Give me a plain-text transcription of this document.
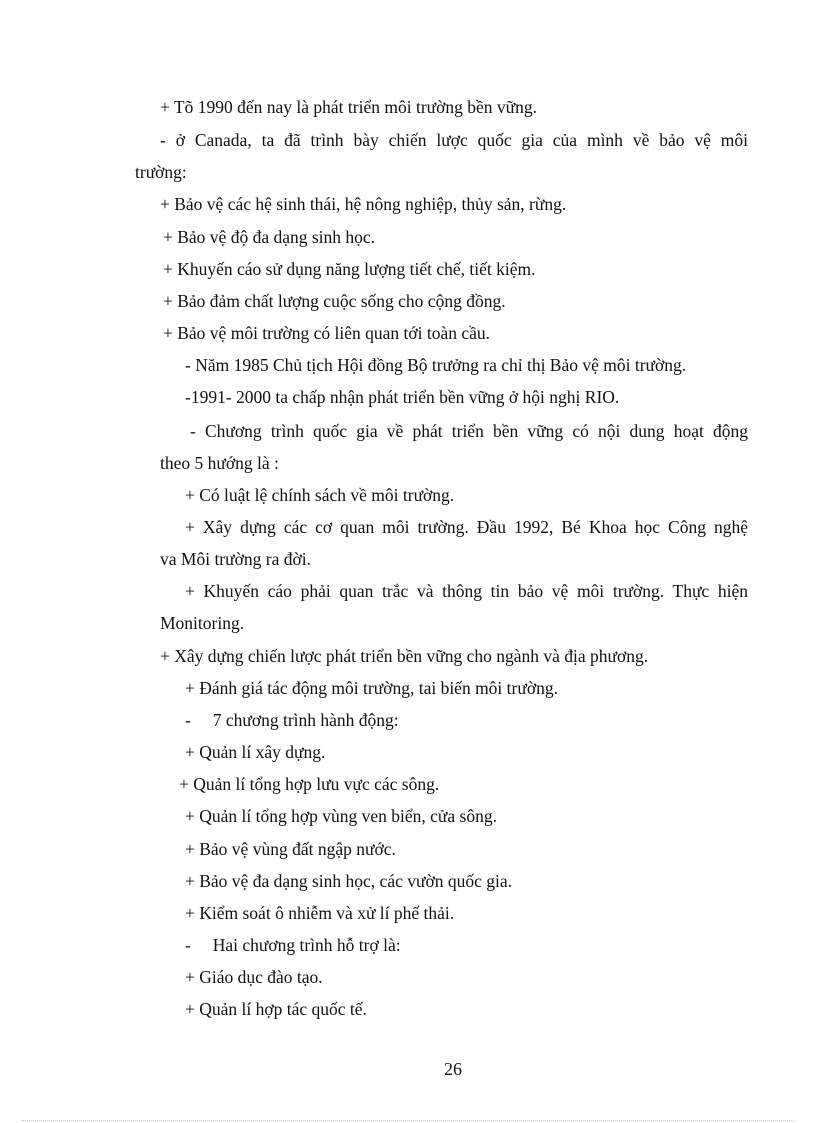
+ Tõ 1990 đến nay là phát triển môi trường bền vững.
- ở Canada, ta đã trình bày chiến lược quốc gia của mình về bảo vệ môi
trường:
+ Bảo vệ các hệ sinh thái, hệ nông nghiệp, thủy sản, rừng.
+ Bảo vệ độ đa dạng sinh học.
+ Khuyến cáo sử dụng năng lượng tiết chế, tiết kiệm.
+ Bảo đảm chất lượng cuộc sống cho cộng đồng.
+ Bảo vệ môi trường có liên quan tới toàn cầu.
- Năm 1985 Chủ tịch Hội đồng Bộ trưởng ra chỉ thị Bảo vệ môi trường.
-1991- 2000 ta chấp nhận phát triển bền vững ở hội nghị RIO.
- Chương trình quốc gia về phát triển bền vững có nội dung hoạt động
theo 5 hướng là :
+ Có luật lệ chính sách về môi trường.
+ Xây dựng các cơ quan môi trường. Đầu 1992, Bé Khoa học Công nghệ
va Môi trường ra đời.
+ Khuyến cáo phải quan trắc và thông tin bảo vệ môi trường. Thực hiện
Monitoring.
+ Xây dựng chiến lược phát triển bền vững cho ngành và địa phương.
+ Đánh giá tác động môi trường, tai biến môi trường.
-     7 chương trình hành động:
+ Quản lí xây dựng.
+ Quản lí tổng hợp lưu vực các sông.
+ Quản lí tổng hợp vùng ven biển, cửa sông.
+ Bảo vệ vùng đất ngập nước.
+ Bảo vệ đa dạng sinh học, các vườn quốc gia.
+ Kiểm soát ô nhiễm và xử lí phế thải.
-     Hai chương trình hỗ trợ là:
+ Giáo dục đào tạo.
+ Quản lí hợp tác quốc tế.
26
